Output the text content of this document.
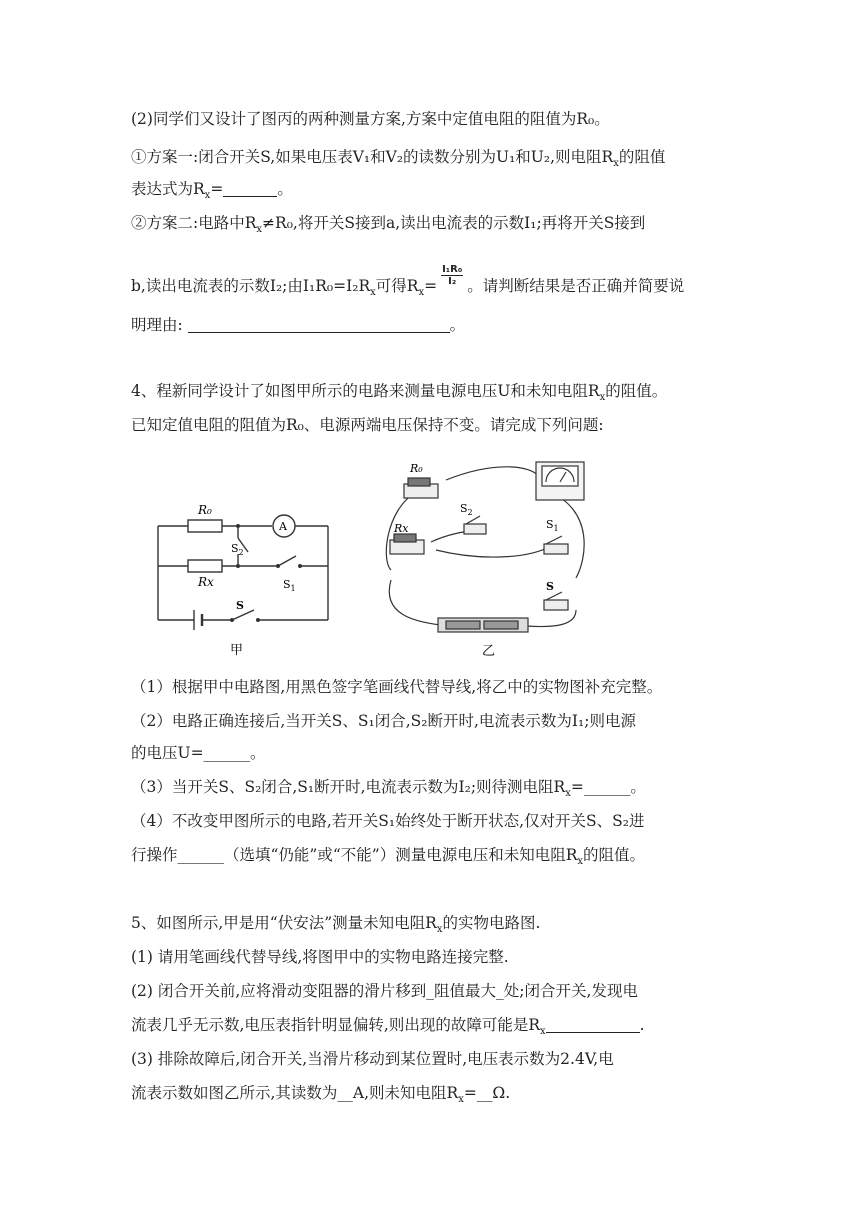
(2)同学们又设计了图丙的两种测量方案,方案中定值电阻的阻值为R₀。
①方案一:闭合开关S,如果电压表V₁和V₂的读数分别为U₁和U₂,则电阻$R_x$的阻值
表达式为$R_x=$	。
②方案二:电路中$R_x\ne R_0$,将开关S接到a,读出电流表的示数I₁;再将开关S接到
b,读出电流表的示数I₂;由$I_1R_0=I_2R_x$可得$R_x= \frac{\text{I₁R₀}}{\text{I₂}}$ 。请判断结果是否正确并简要说
明理由:	。
4、程新同学设计了如图甲所示的电路来测量电源电压U和未知电阻$R_x$的阻值。
已知定值电阻的阻值为R₀、电源两端电压保持不变。请完成下列问题:
R₀
Rx
A
$S_2$
$S_1$
S
甲
R₀
Rx
$S_2$
$S_1$
S
乙
（1）根据甲中电路图,用黑色签字笔画线代替导线,将乙中的实物图补充完整。
（2）电路正确连接后,当开关S、S₁闭合,S₂断开时,电流表示数为I₁;则电源
的电压U=______。
（3）当开关S、S₂闭合,S₁断开时,电流表示数为I₂;则待测电阻$R_x=\_\_\_\_\_\_$。
（4）不改变甲图所示的电路,若开关S₁始终处于断开状态,仅对开关S、S₂进
行操作______（选填“仍能”或“不能”）测量电源电压和未知电阻$R_x$的阻值。
5、如图所示,甲是用“伏安法”测量未知电阻$R_x$的实物电路图.
(1) 请用笔画线代替导线,将图甲中的实物电路连接完整.
(2) 闭合开关前,应将滑动变阻器的滑片移到_阻值最大_处;闭合开关,发现电
流表几乎无示数,电压表指针明显偏转,则出现的故障可能是$R_x$	.
(3) 排除故障后,闭合开关,当滑片移动到某位置时,电压表示数为2.4V,电
流表示数如图乙所示,其读数为__A,则未知电阻$R_x=\_\_\Omega$.
